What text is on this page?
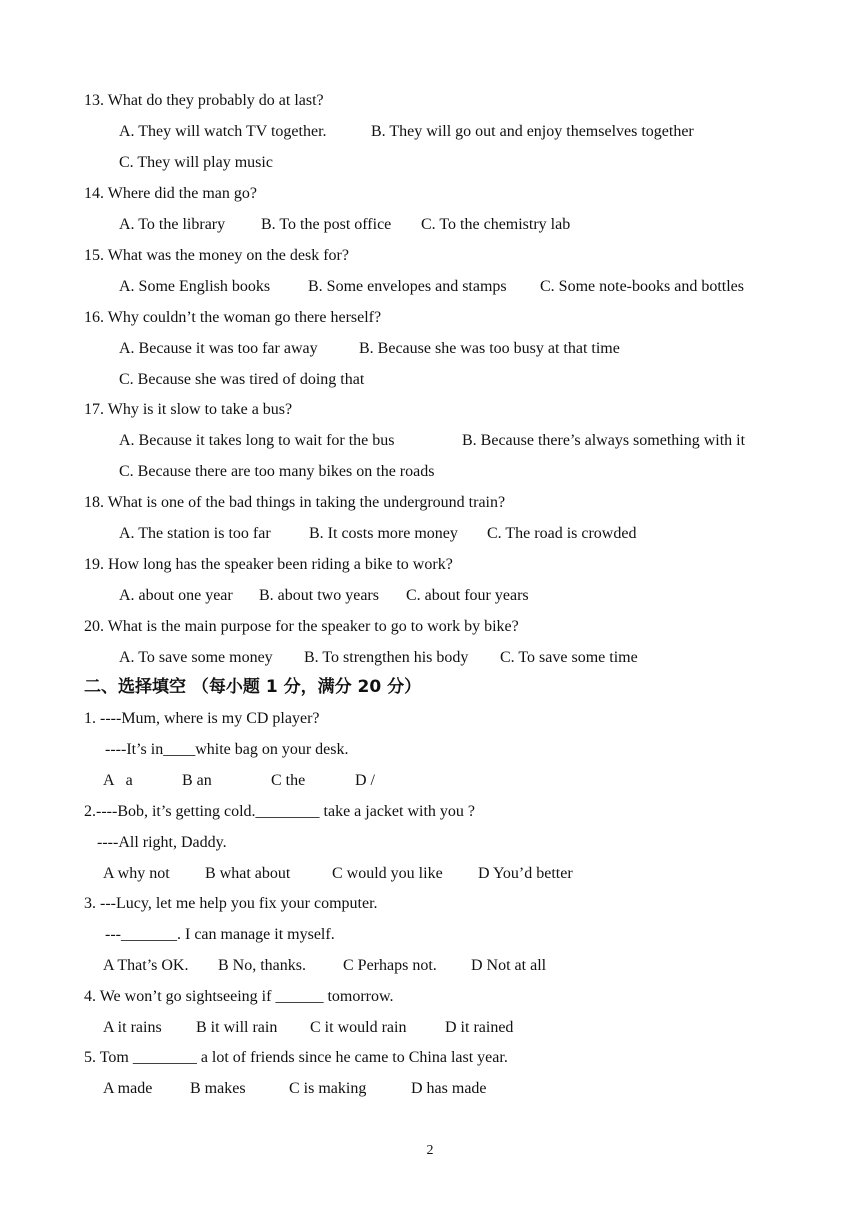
13. What do they probably do at last?
A. They will watch TV together.	B. They will go out and enjoy themselves together
C. They will play music
14. Where did the man go?
A. To the library B. To the post office C. To the chemistry lab
15. What was the money on the desk for?
A. Some English books B. Some envelopes and stamps C. Some note-books and bottles
16. Why couldn’t the woman go there herself?
A. Because it was too far away	B. Because she was too busy at that time
C. Because she was tired of doing that
17. Why is it slow to take a bus?
A. Because it takes long to wait for the bus	B. Because there’s always something with it
C. Because there are too many bikes on the roads
18. What is one of the bad things in taking the underground train?
A. The station is too far B. It costs more money C. The road is crowded
19. How long has the speaker been riding a bike to work?
A. about one year B. about two years C. about four years
20. What is the main purpose for the speaker to go to work by bike?
A. To save some money B. To strengthen his body C. To save some time
二、选择填空 （每小题 1 分，满分 20 分）
1. ----Mum, where is my CD player?
----It’s in____white bag on your desk.
A   a	B an	C the	D /
2.----Bob, it’s getting cold.________ take a jacket with you ?
----All right, Daddy.
A why not B what about	C would you like D You’d better
3. ---Lucy, let me help you fix your computer.
---_______. I can manage it myself.
A That’s OK. B No, thanks. C Perhaps not. D Not at all
4. We won’t go sightseeing if ______ tomorrow.
A it rains B it will rain C it would rain D it rained
5. Tom ________ a lot of friends since he came to China last year.
A made B makes	C is making	D has made
2
